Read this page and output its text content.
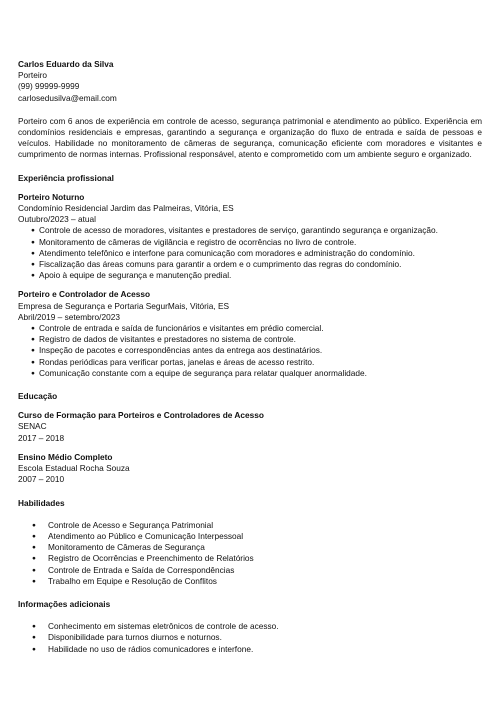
Carlos Eduardo da Silva
Porteiro
(99) 99999-9999
carlosedusilva@email.com

Porteiro com 6 anos de experiência em controle de acesso, segurança patrimonial e atendimento ao público. Experiência em condomínios residenciais e empresas, garantindo a segurança e organização do fluxo de entrada e saída de pessoas e veículos. Habilidade no monitoramento de câmeras de segurança, comunicação eficiente com moradores e visitantes e cumprimento de normas internas. Profissional responsável, atento e comprometido com um ambiente seguro e organizado.

Experiência profissional
Porteiro Noturno
Condomínio Residencial Jardim das Palmeiras, Vitória, ES
Outubro/2023 – atual
● Controle de acesso de moradores, visitantes e prestadores de serviço, garantindo segurança e organização.
● Monitoramento de câmeras de vigilância e registro de ocorrências no livro de controle.
● Atendimento telefônico e interfone para comunicação com moradores e administração do condomínio.
● Fiscalização das áreas comuns para garantir a ordem e o cumprimento das regras do condomínio.
● Apoio à equipe de segurança e manutenção predial.
Porteiro e Controlador de Acesso
Empresa de Segurança e Portaria SegurMais, Vitória, ES
Abril/2019 – setembro/2023
● Controle de entrada e saída de funcionários e visitantes em prédio comercial.
● Registro de dados de visitantes e prestadores no sistema de controle.
● Inspeção de pacotes e correspondências antes da entrega aos destinatários.
● Rondas periódicas para verificar portas, janelas e áreas de acesso restrito.
● Comunicação constante com a equipe de segurança para relatar qualquer anormalidade.
Educação
Curso de Formação para Porteiros e Controladores de Acesso
SENAC
2017 – 2018
Ensino Médio Completo
Escola Estadual Rocha Souza
2007 – 2010
Habilidades
● Controle de Acesso e Segurança Patrimonial
● Atendimento ao Público e Comunicação Interpessoal
● Monitoramento de Câmeras de Segurança
● Registro de Ocorrências e Preenchimento de Relatórios
● Controle de Entrada e Saída de Correspondências
● Trabalho em Equipe e Resolução de Conflitos
Informações adicionais
● Conhecimento em sistemas eletrônicos de controle de acesso.
● Disponibilidade para turnos diurnos e noturnos.
● Habilidade no uso de rádios comunicadores e interfone.
